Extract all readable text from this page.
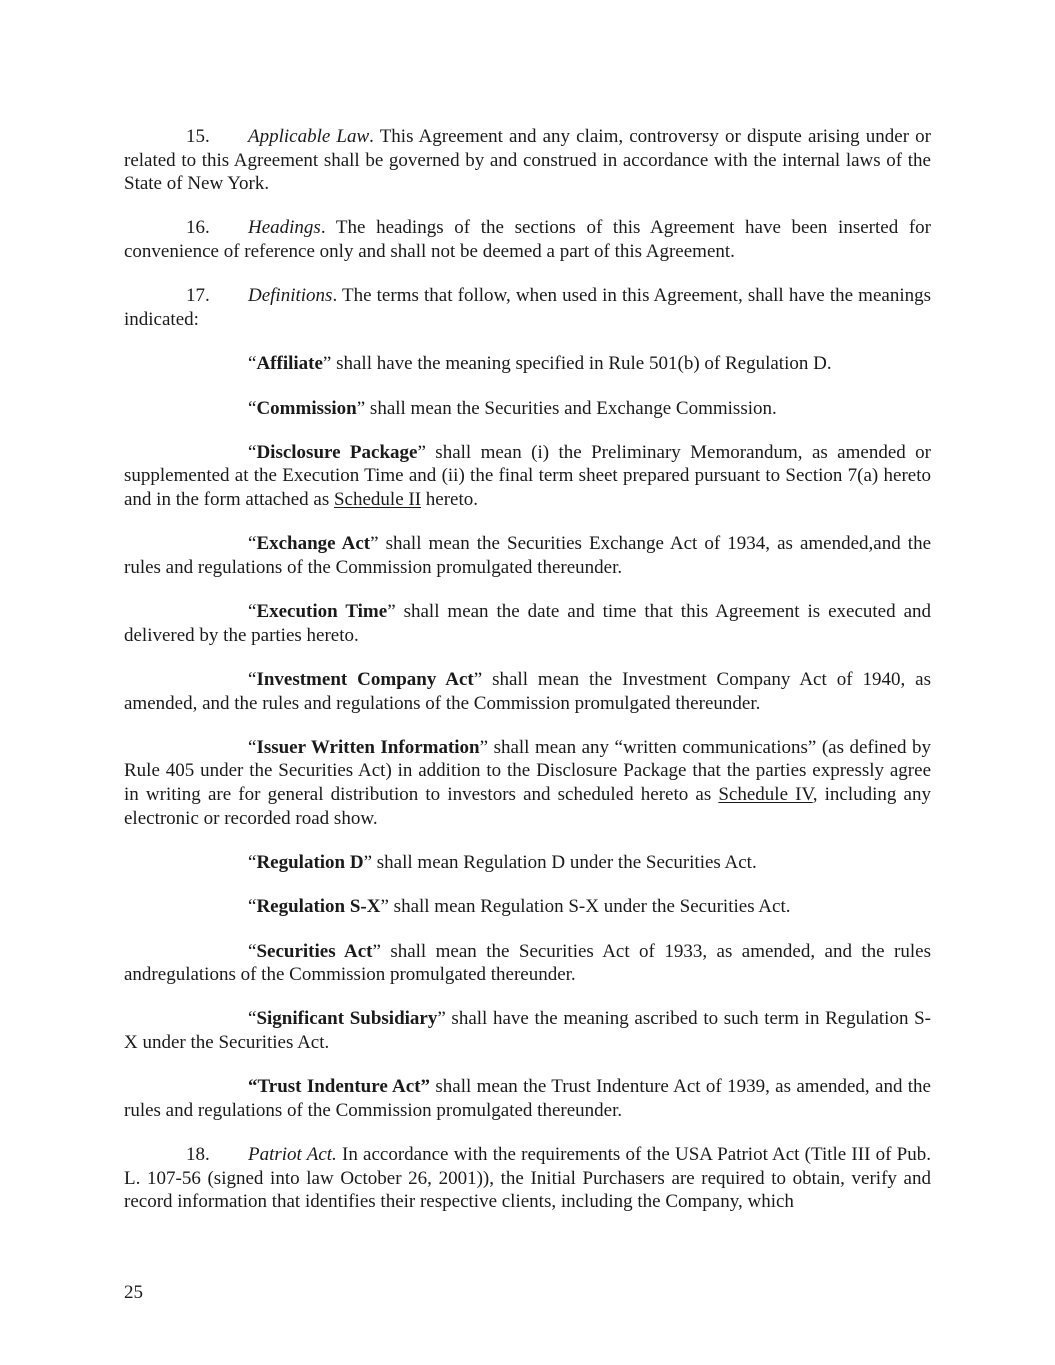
15. Applicable Law. This Agreement and any claim, controversy or dispute arising under or related to this Agreement shall be governed by and construed in accordance with the internal laws of the State of New York.

16. Headings. The headings of the sections of this Agreement have been inserted for convenience of reference only and shall not be deemed a part of this Agreement.

17. Definitions. The terms that follow, when used in this Agreement, shall have the meanings indicated:

“Affiliate” shall have the meaning specified in Rule 501(b) of Regulation D.

“Commission” shall mean the Securities and Exchange Commission.

“Disclosure Package” shall mean (i) the Preliminary Memorandum, as amended or supplemented at the Execution Time and (ii) the final term sheet prepared pursuant to Section 7(a) hereto and in the form attached as Schedule II hereto.

“Exchange Act” shall mean the Securities Exchange Act of 1934, as amended,and the rules and regulations of the Commission promulgated thereunder.

“Execution Time” shall mean the date and time that this Agreement is executed and delivered by the parties hereto.

“Investment Company Act” shall mean the Investment Company Act of 1940, as amended, and the rules and regulations of the Commission promulgated thereunder.

“Issuer Written Information” shall mean any “written communications” (as defined by Rule 405 under the Securities Act) in addition to the Disclosure Package that the parties expressly agree in writing are for general distribution to investors and scheduled hereto as Schedule IV, including any electronic or recorded road show.

“Regulation D” shall mean Regulation D under the Securities Act.

“Regulation S-X” shall mean Regulation S-X under the Securities Act.

“Securities Act” shall mean the Securities Act of 1933, as amended, and the rules andregulations of the Commission promulgated thereunder.

“Significant Subsidiary” shall have the meaning ascribed to such term in Regulation S-X under the Securities Act.

“Trust Indenture Act” shall mean the Trust Indenture Act of 1939, as amended, and the rules and regulations of the Commission promulgated thereunder.

18. Patriot Act. In accordance with the requirements of the USA Patriot Act (Title III of Pub. L. 107-56 (signed into law October 26, 2001)), the Initial Purchasers are required to obtain, verify and record information that identifies their respective clients, including the Company, which

25
